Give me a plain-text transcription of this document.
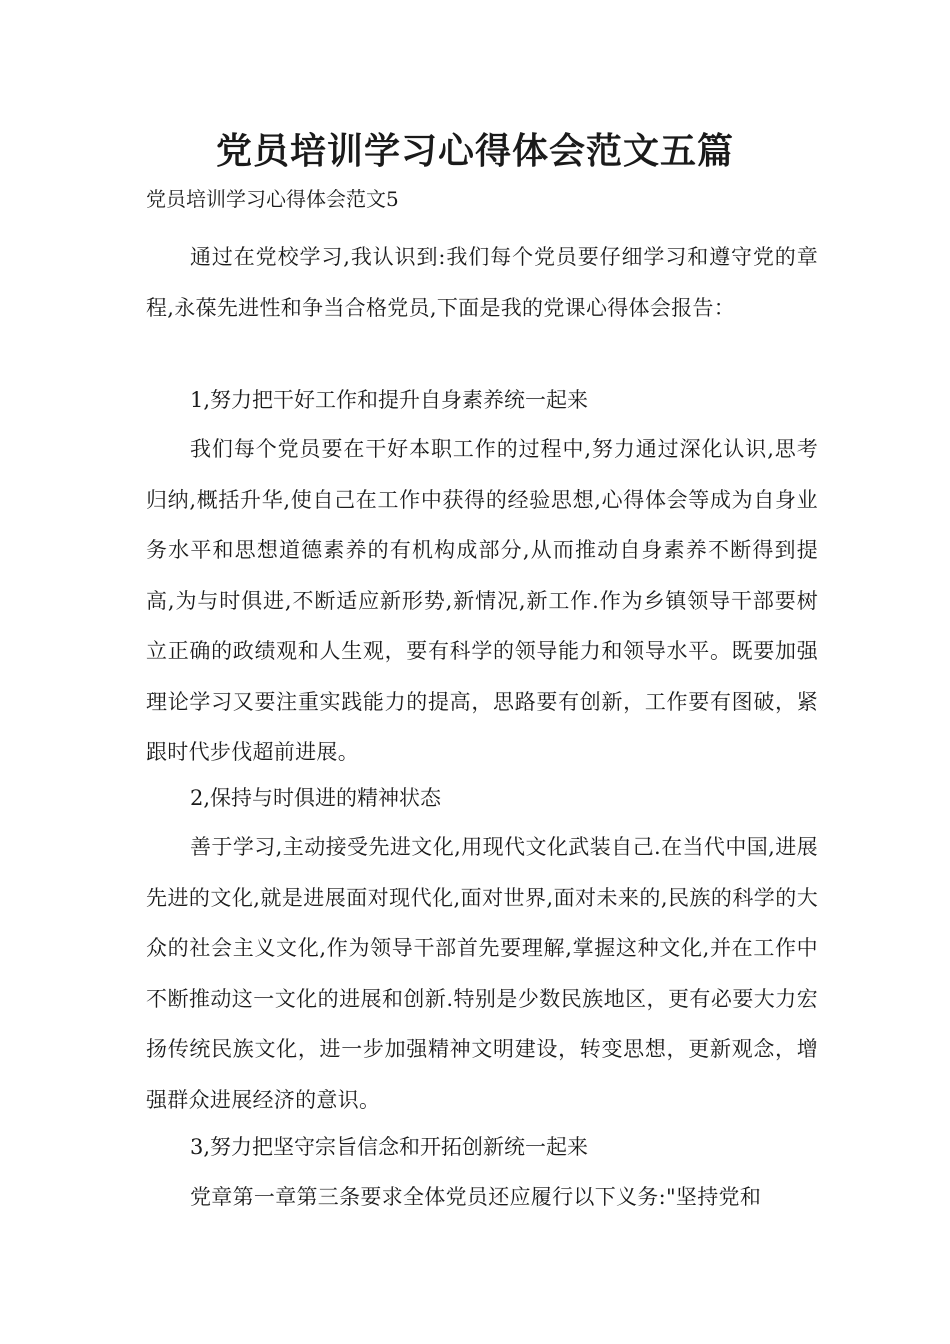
党员培训学习心得体会范文五篇

党员培训学习心得体会范文5

通过在党校学习,我认识到:我们每个党员要仔细学习和遵守党的章程,永葆先进性和争当合格党员,下面是我的党课心得体会报告：

1,努力把干好工作和提升自身素养统一起来

我们每个党员要在干好本职工作的过程中,努力通过深化认识,思考归纳,概括升华,使自己在工作中获得的经验思想,心得体会等成为自身业务水平和思想道德素养的有机构成部分,从而推动自身素养不断得到提高,为与时俱进,不断适应新形势,新情况,新工作.作为乡镇领导干部要树立正确的政绩观和人生观，要有科学的领导能力和领导水平。既要加强理论学习又要注重实践能力的提高，思路要有创新，工作要有图破，紧跟时代步伐超前进展。

2,保持与时俱进的精神状态

善于学习,主动接受先进文化,用现代文化武装自己.在当代中国,进展先进的文化,就是进展面对现代化,面对世界,面对未来的,民族的科学的大众的社会主义文化,作为领导干部首先要理解,掌握这种文化,并在工作中不断推动这一文化的进展和创新.特别是少数民族地区，更有必要大力宏扬传统民族文化，进一步加强精神文明建设，转变思想，更新观念，增强群众进展经济的意识。

3,努力把坚守宗旨信念和开拓创新统一起来

党章第一章第三条要求全体党员还应履行以下义务:"坚持党和
